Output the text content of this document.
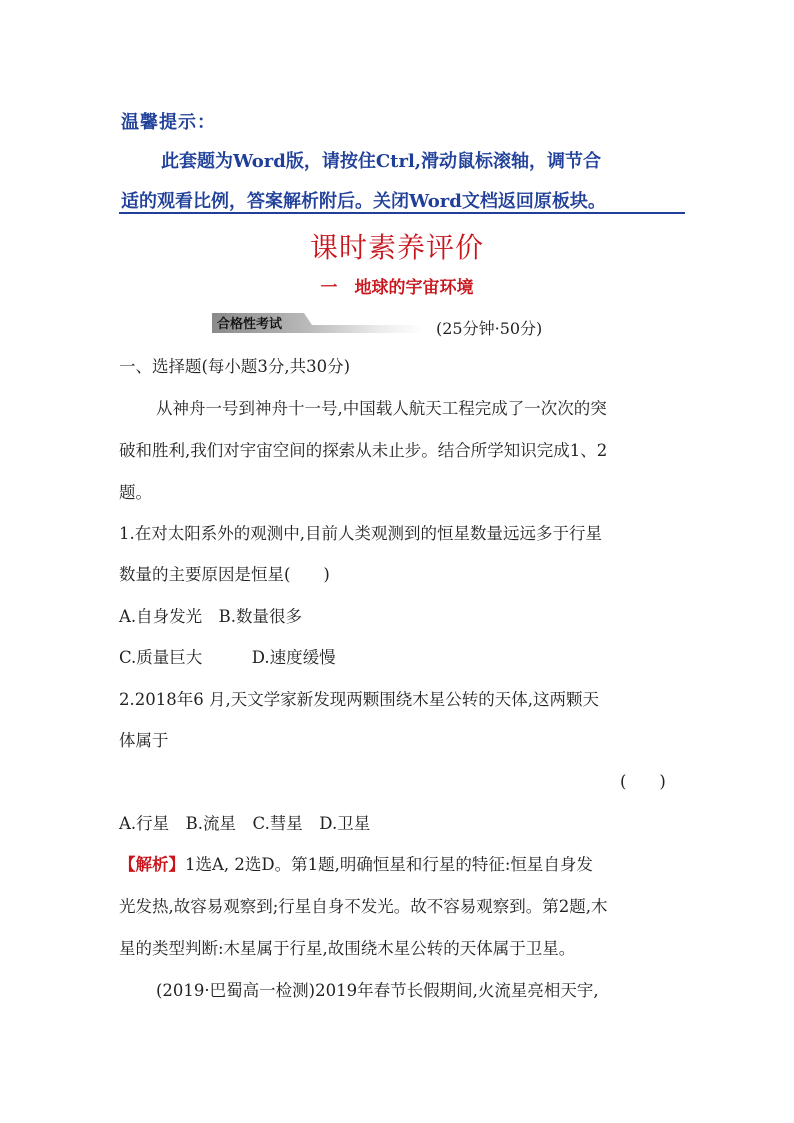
温馨提示：
此套题为Word版，请按住Ctrl,滑动鼠标滚轴，调节合
适的观看比例，答案解析附后。关闭Word文档返回原板块。
课时素养评价
一　地球的宇宙环境
合格性考试	(25分钟·50分)
一、选择题(每小题3分,共30分)
从神舟一号到神舟十一号,中国载人航天工程完成了一次次的突
破和胜利,我们对宇宙空间的探索从未止步。结合所学知识完成1、2
题。
1.在对太阳系外的观测中,目前人类观测到的恒星数量远远多于行星
数量的主要原因是恒星(　　)
A.自身发光　B.数量很多
C.质量巨大　　　D.速度缓慢
2.2018年6 月,天文学家新发现两颗围绕木星公转的天体,这两颗天
体属于
(　　)
A.行星　B.流星　C.彗星　D.卫星
【解析】1选A, 2选D。第1题,明确恒星和行星的特征:恒星自身发
光发热,故容易观察到;行星自身不发光。故不容易观察到。第2题,木
星的类型判断:木星属于行星,故围绕木星公转的天体属于卫星。
(2019·巴蜀高一检测)2019年春节长假期间,火流星亮相天宇,
